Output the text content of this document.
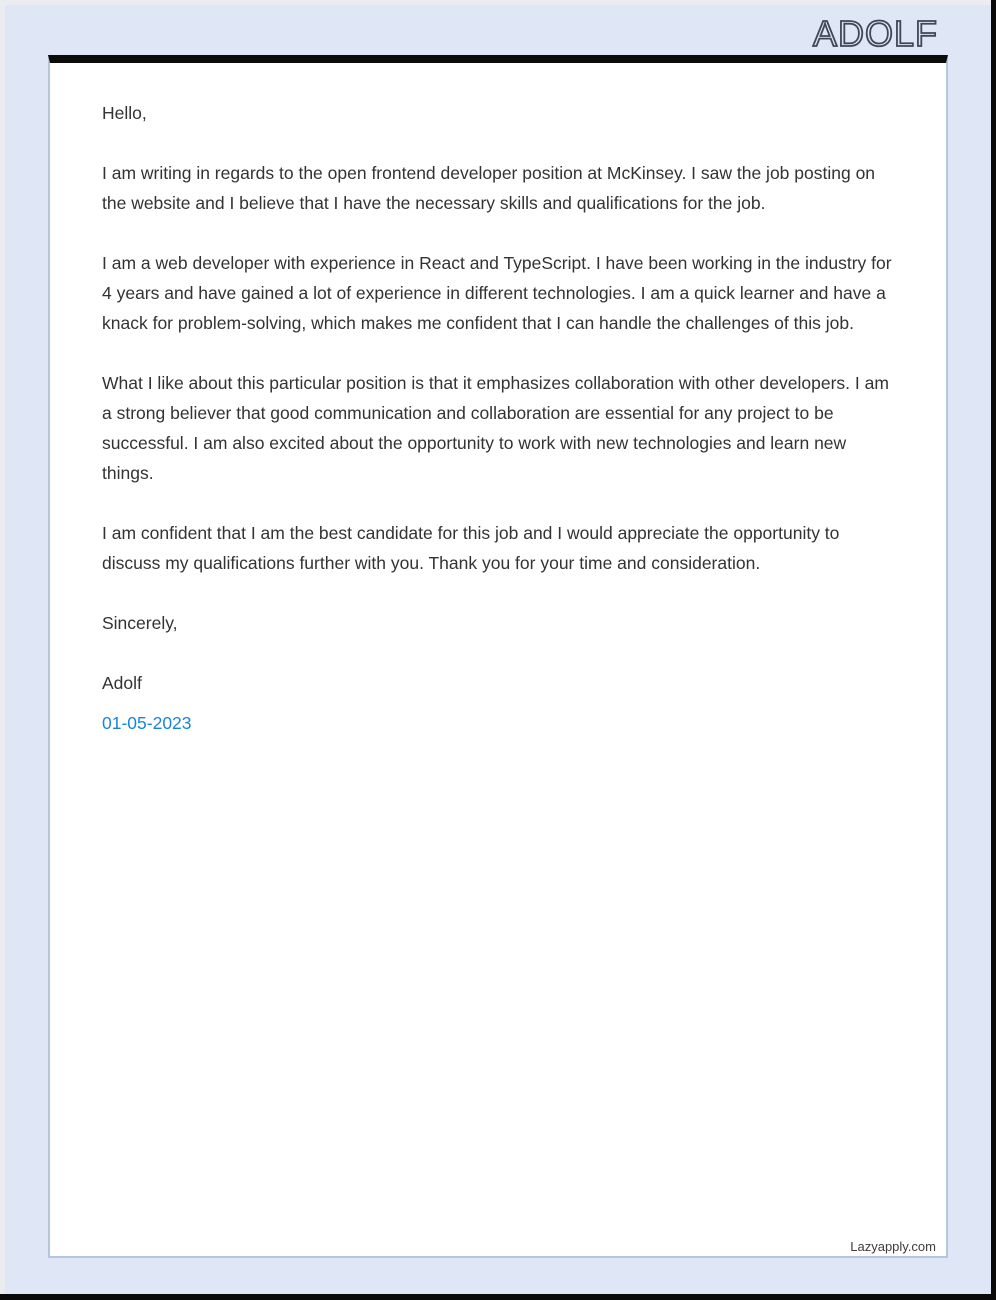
ADOLF
Hello,

I am writing in regards to the open frontend developer position at McKinsey. I saw the job posting on the website and I believe that I have the necessary skills and qualifications for the job.

I am a web developer with experience in React and TypeScript. I have been working in the industry for 4 years and have gained a lot of experience in different technologies. I am a quick learner and have a knack for problem-solving, which makes me confident that I can handle the challenges of this job.

What I like about this particular position is that it emphasizes collaboration with other developers. I am a strong believer that good communication and collaboration are essential for any project to be successful. I am also excited about the opportunity to work with new technologies and learn new things.

I am confident that I am the best candidate for this job and I would appreciate the opportunity to discuss my qualifications further with you. Thank you for your time and consideration.

Sincerely,
Adolf
01-05-2023
Lazyapply.com
